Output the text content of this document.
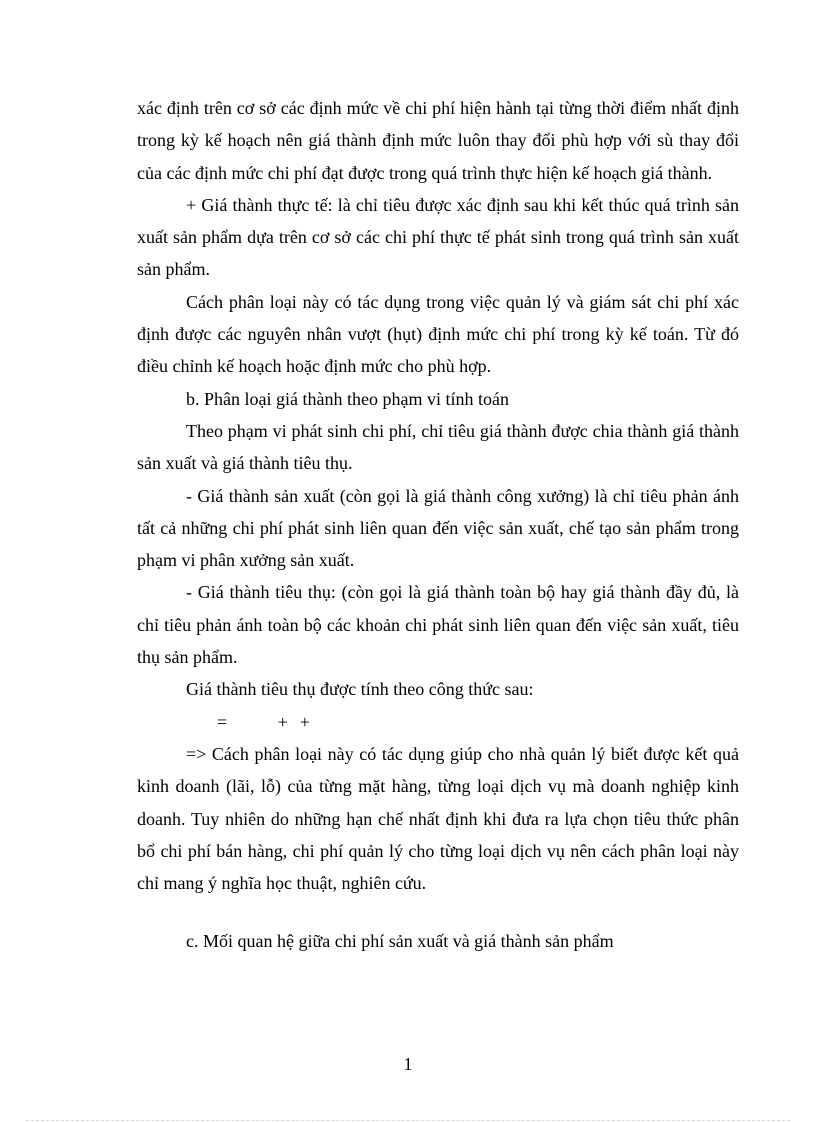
xác định trên cơ sở các định mức về chi phí hiện hành tại từng thời điểm nhất định trong kỳ kế hoạch nên giá thành định mức luôn thay đổi phù hợp với sù thay đổi của các định mức chi phí đạt được trong quá trình thực hiện kế hoạch giá thành.

+ Giá thành thực tế: là chỉ tiêu được xác định sau khi kết thúc quá trình sản xuất sản phẩm dựa trên cơ sở các chi phí thực tế phát sinh trong quá trình sản xuất sản phẩm.

Cách phân loại này có tác dụng trong việc quản lý và giám sát chi phí xác định được các nguyên nhân vượt (hụt) định mức chi phí trong kỳ kế toán. Từ đó điều chỉnh kế hoạch hoặc định mức cho phù hợp.

b. Phân loại giá thành theo phạm vi tính toán

Theo phạm vi phát sinh chi phí, chỉ tiêu giá thành được chia thành giá thành sản xuất và giá thành tiêu thụ.

- Giá thành sản xuất (còn gọi là giá thành công xưởng) là chỉ tiêu phản ánh tất cả những chi phí phát sinh liên quan đến việc sản xuất, chế tạo sản phẩm trong phạm vi phân xưởng sản xuất.

- Giá thành tiêu thụ: (còn gọi là giá thành toàn bộ hay giá thành đầy đủ, là chỉ tiêu phản ánh toàn bộ các khoản chi phát sinh liên quan đến việc sản xuất, tiêu thụ sản phẩm.

Giá thành tiêu thụ được tính theo công thức sau:

=         +  +

=> Cách phân loại này có tác dụng giúp cho nhà quản lý biết được kết quả kinh doanh (lãi, lỗ) của từng mặt hàng, từng loại dịch vụ mà doanh nghiệp kinh doanh. Tuy nhiên do những hạn chế nhất định khi đưa ra lựa chọn tiêu thức phân bổ chi phí bán hàng, chi phí quản lý cho từng loại dịch vụ nên cách phân loại này chỉ mang ý nghĩa học thuật, nghiên cứu.

c. Mối quan hệ giữa chi phí sản xuất và giá thành sản phẩm

1
